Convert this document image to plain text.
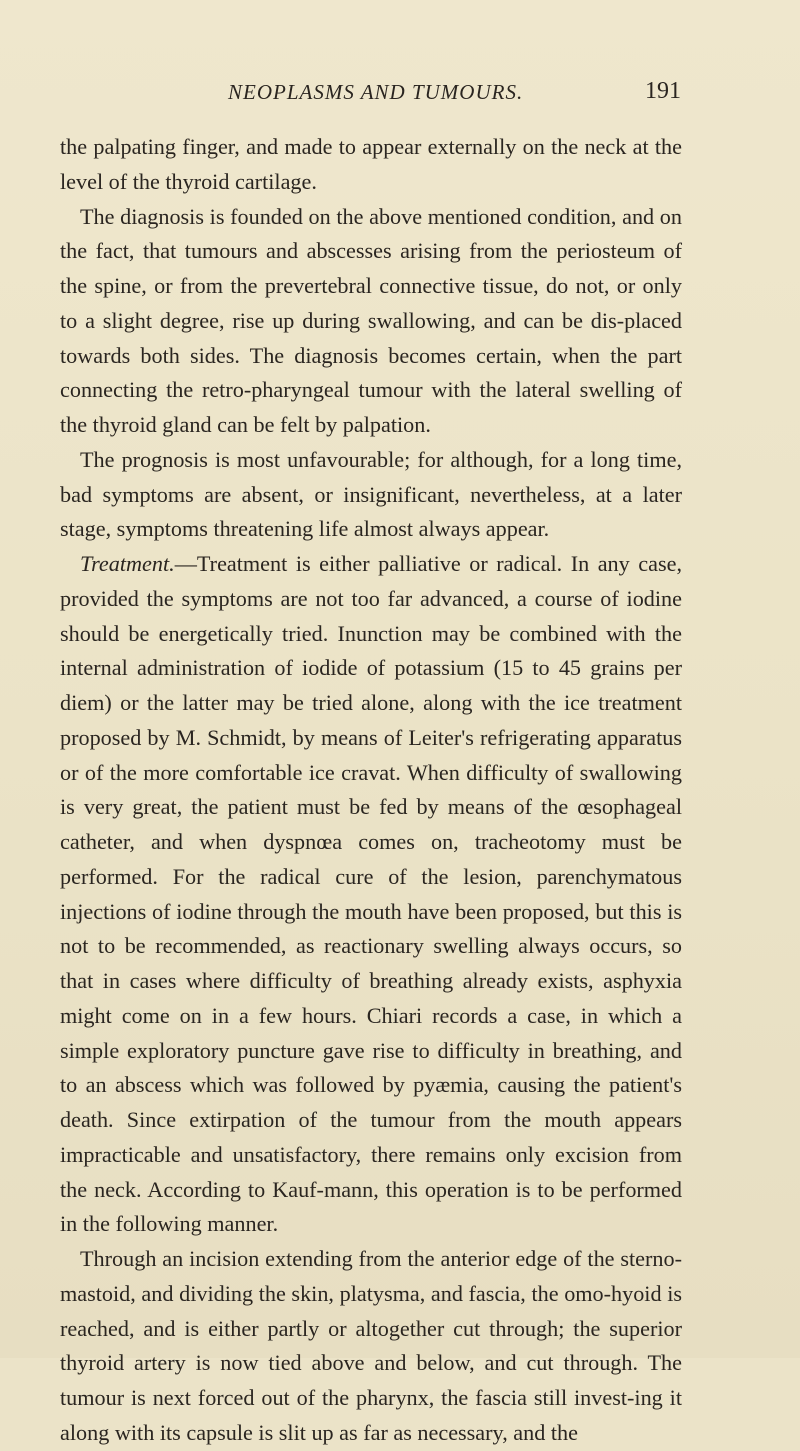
NEOPLASMS AND TUMOURS.	191

the palpating finger, and made to appear externally on the neck at the level of the thyroid cartilage.

The diagnosis is founded on the above mentioned condition, and on the fact, that tumours and abscesses arising from the periosteum of the spine, or from the prevertebral connective tissue, do not, or only to a slight degree, rise up during swallowing, and can be dis-placed towards both sides. The diagnosis becomes certain, when the part connecting the retro-pharyngeal tumour with the lateral swelling of the thyroid gland can be felt by palpation.

The prognosis is most unfavourable; for although, for a long time, bad symptoms are absent, or insignificant, nevertheless, at a later stage, symptoms threatening life almost always appear.

Treatment.—Treatment is either palliative or radical. In any case, provided the symptoms are not too far advanced, a course of iodine should be energetically tried. Inunction may be combined with the internal administration of iodide of potassium (15 to 45 grains per diem) or the latter may be tried alone, along with the ice treatment proposed by M. Schmidt, by means of Leiter's refrigerating apparatus or of the more comfortable ice cravat. When difficulty of swallowing is very great, the patient must be fed by means of the œsophageal catheter, and when dyspnœa comes on, tracheotomy must be performed. For the radical cure of the lesion, parenchymatous injections of iodine through the mouth have been proposed, but this is not to be recommended, as reactionary swelling always occurs, so that in cases where difficulty of breathing already exists, asphyxia might come on in a few hours. Chiari records a case, in which a simple exploratory puncture gave rise to difficulty in breathing, and to an abscess which was followed by pyæmia, causing the patient's death. Since extirpation of the tumour from the mouth appears impracticable and unsatisfactory, there remains only excision from the neck. According to Kauf-mann, this operation is to be performed in the following manner.

Through an incision extending from the anterior edge of the sterno-mastoid, and dividing the skin, platysma, and fascia, the omo-hyoid is reached, and is either partly or altogether cut through; the superior thyroid artery is now tied above and below, and cut through. The tumour is next forced out of the pharynx, the fascia still invest-ing it along with its capsule is slit up as far as necessary, and the
